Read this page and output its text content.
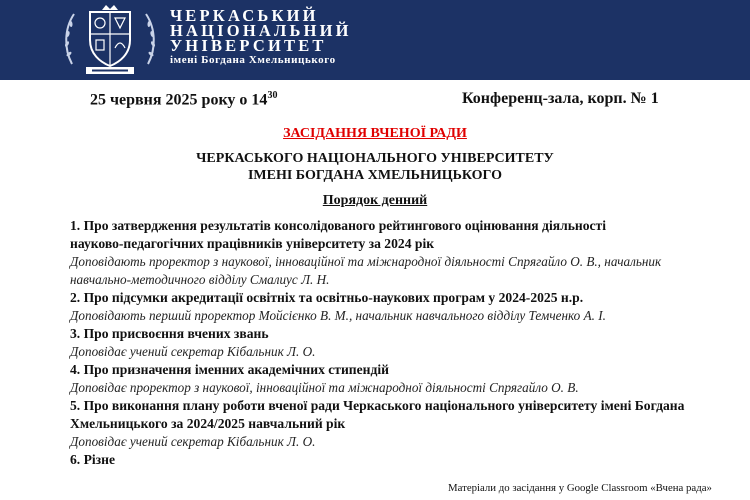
ЧЕРКАСЬКИЙ
НАЦІОНАЛЬНИЙ
УНІВЕРСИТЕТ
імені Богдана Хмельницького
25 червня 2025 року о $14^{30}$	Конференц-зала, корп. № 1
ЗАСІДАННЯ ВЧЕНОЇ РАДИ
ЧЕРКАСЬКОГО НАЦІОНАЛЬНОГО УНІВЕРСИТЕТУ
ІМЕНІ БОГДАНА ХМЕЛЬНИЦЬКОГО
Порядок денний
1. Про затвердження результатів консолідованого рейтингового оцінювання діяльності
науково-педагогічних працівників університету за 2024 рік
Доповідають проректор з наукової, інноваційної та міжнародної діяльності Спрягайло О. В., начальник
навчально-методичного відділу Смалиус Л. Н.
2. Про підсумки акредитації освітніх та освітньо-наукових програм у 2024-2025 н.р.
Доповідають перший проректор Мойсієнко В. М., начальник навчального відділу Темченко А. І.
3. Про присвоєння вчених звань
Доповідає учений секретар Кібальник Л. О.
4. Про призначення іменних академічних стипендій
Доповідає проректор з наукової, інноваційної та міжнародної діяльності Спрягайло О. В.
5. Про виконання плану роботи вченої ради Черкаського національного університету імені Богдана
Хмельницького за 2024/2025 навчальний рік
Доповідає учений секретар Кібальник Л. О.
6. Різне
Матеріали до засідання у Google Classroom «Вчена рада»
